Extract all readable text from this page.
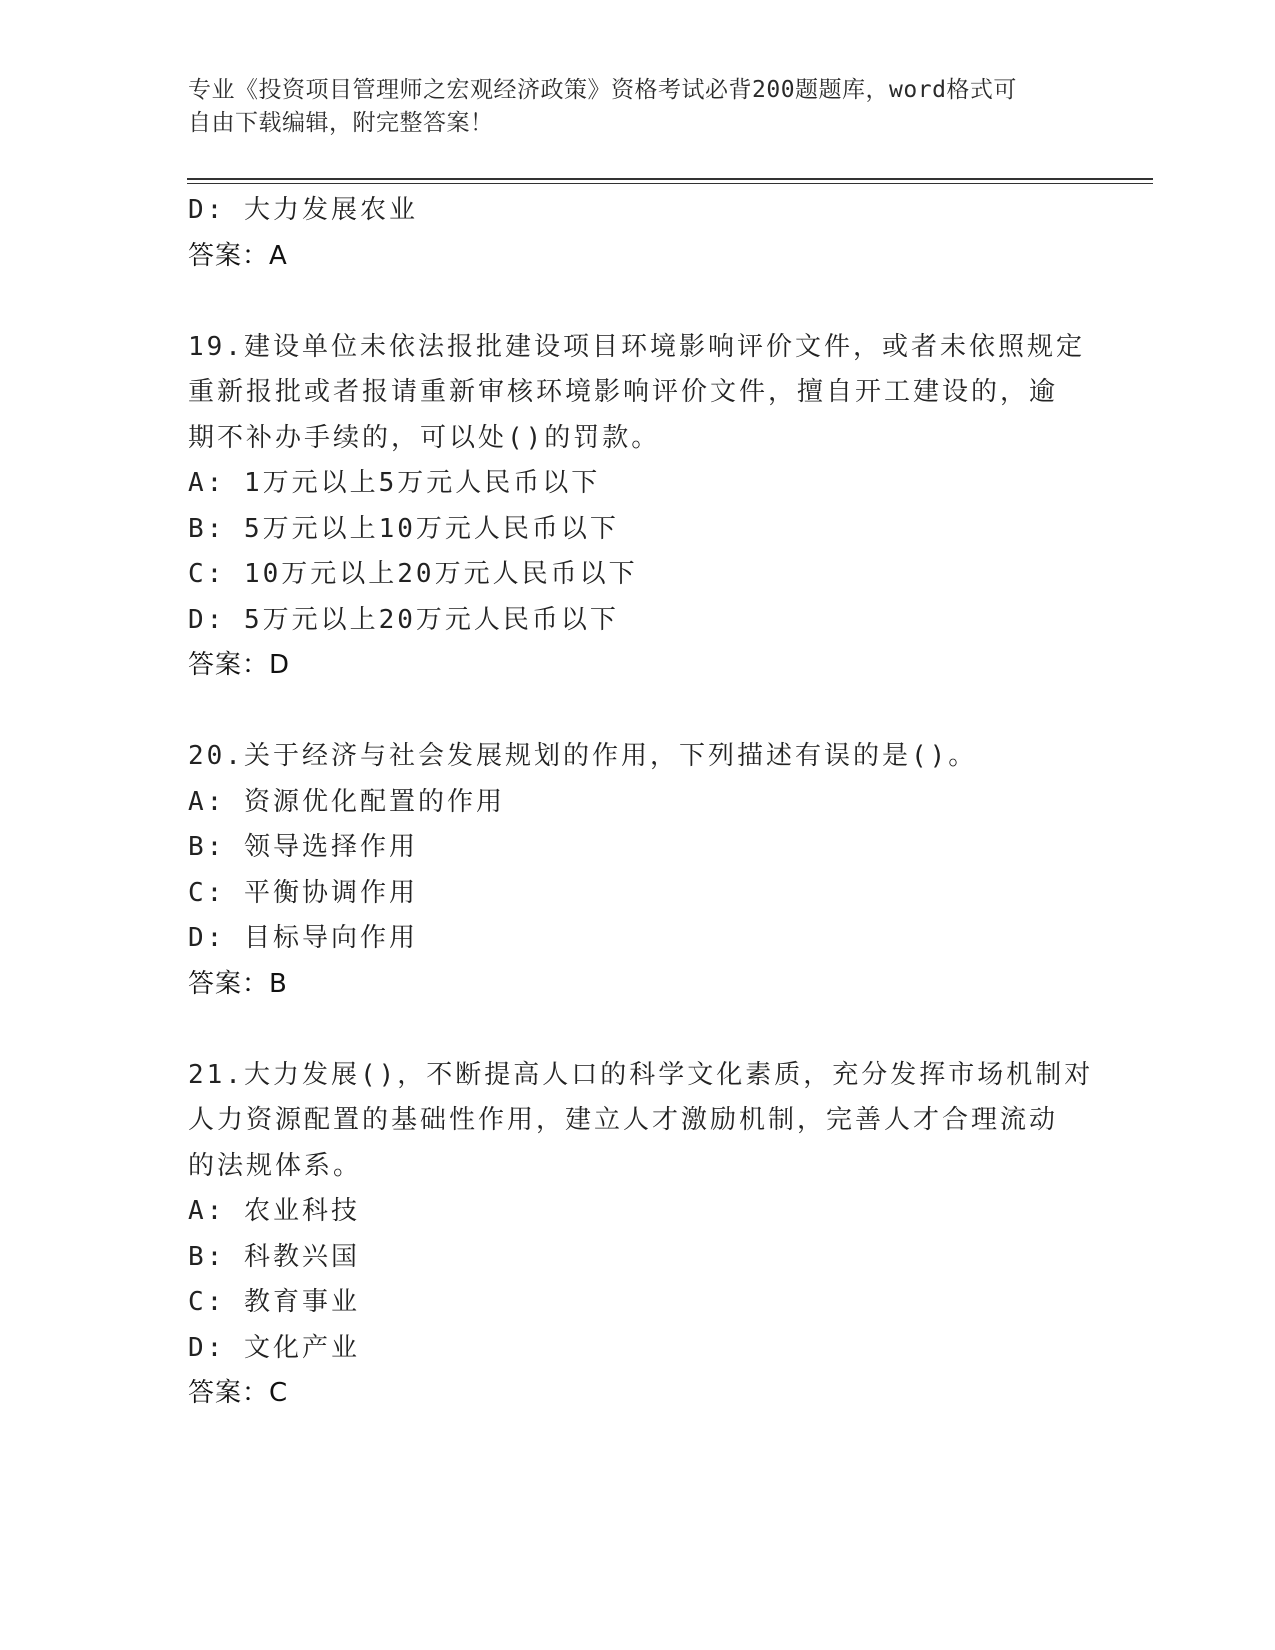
专业《投资项目管理师之宏观经济政策》资格考试必背200题题库，word格式可
自由下载编辑，附完整答案！
D: 大力发展农业
答案：A
19.建设单位未依法报批建设项目环境影响评价文件，或者未依照规定
重新报批或者报请重新审核环境影响评价文件，擅自开工建设的，逾
期不补办手续的，可以处()的罚款。
A: 1万元以上5万元人民币以下
B: 5万元以上10万元人民币以下
C: 10万元以上20万元人民币以下
D: 5万元以上20万元人民币以下
答案：D
20.关于经济与社会发展规划的作用，下列描述有误的是()。
A: 资源优化配置的作用
B: 领导选择作用
C: 平衡协调作用
D: 目标导向作用
答案：B
21.大力发展()，不断提高人口的科学文化素质，充分发挥市场机制对
人力资源配置的基础性作用，建立人才激励机制，完善人才合理流动
的法规体系。
A: 农业科技
B: 科教兴国
C: 教育事业
D: 文化产业
答案：C
